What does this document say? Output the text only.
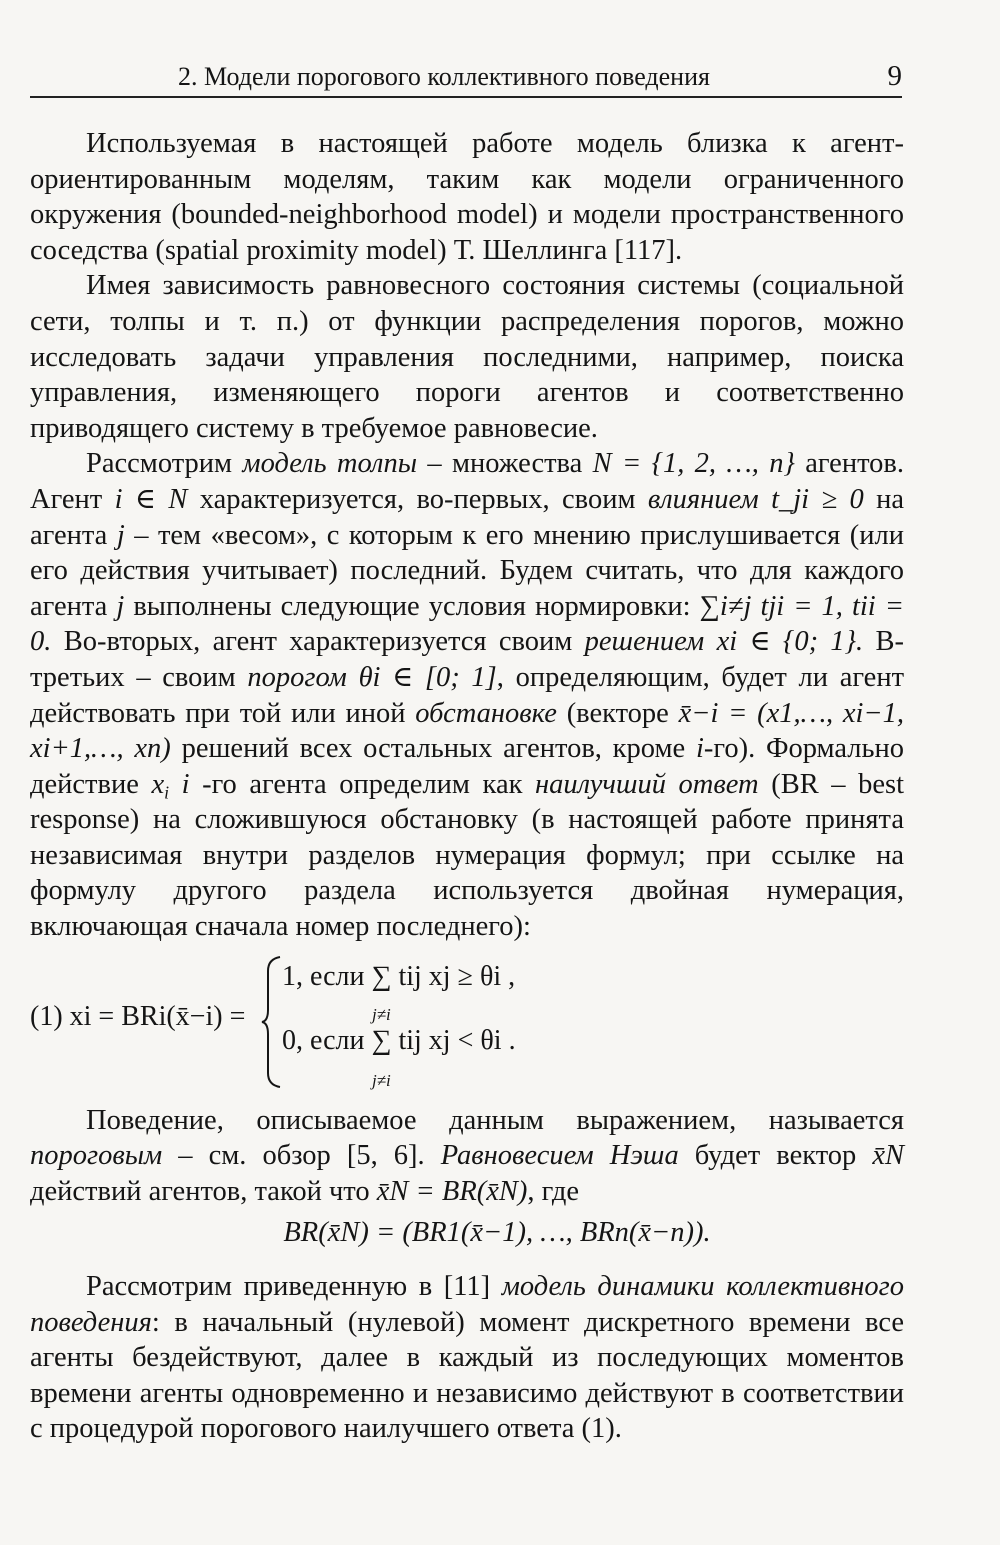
2. Модели порогового коллективного поведения	9

Используемая в настоящей работе модель близка к агент-ориентированным моделям, таким как модели ограниченного окружения (bounded-neighborhood model) и модели пространственного соседства (spatial proximity model) Т. Шеллинга [117].

Имея зависимость равновесного состояния системы (социальной сети, толпы и т. п.) от функции распределения порогов, можно исследовать задачи управления последними, например, поиска управления, изменяющего пороги агентов и соответственно приводящего систему в требуемое равновесие.

Рассмотрим модель толпы – множества N = {1, 2, …, n} агентов. Агент i ∈ N характеризуется, во-первых, своим влиянием t_ji ≥ 0 на агента j – тем «весом», с которым к его мнению прислушивается (или его действия учитывает) последний. Будем считать, что для каждого агента j выполнены следующие условия нормировки: ∑i≠j tji = 1, tii = 0. Во-вторых, агент характеризуется своим решением xi ∈ {0; 1}. В-третьих – своим порогом θi ∈ [0; 1], определяющим, будет ли агент действовать при той или иной обстановке (векторе x̄−i = (x1,…, xi−1, xi+1,…, xn) решений всех остальных агентов, кроме i-го). Формально действие $x_i$ i -го агента определим как наилучший ответ (BR – best response) на сложившуюся обстановку (в настоящей работе принята независимая внутри разделов нумерация формул; при ссылке на формулу другого раздела используется двойная нумерация, включающая сначала номер последнего):

(1) xi = BRi(x̄−i) =
1, если ∑ tij xj ≥ θi ,
j≠i
0, если ∑ tij xj < θi .
j≠i

Поведение, описываемое данным выражением, называется пороговым – см. обзор [5, 6]. Равновесием Нэша будет вектор x̄N действий агентов, такой что x̄N = BR(x̄N), где

BR(x̄N) = (BR1(x̄−1), …, BRn(x̄−n)).

Рассмотрим приведенную в [11] модель динамики коллективного поведения: в начальный (нулевой) момент дискретного времени все агенты бездействуют, далее в каждый из последующих моментов времени агенты одновременно и независимо действуют в соответствии с процедурой порогового наилучшего ответа (1).
